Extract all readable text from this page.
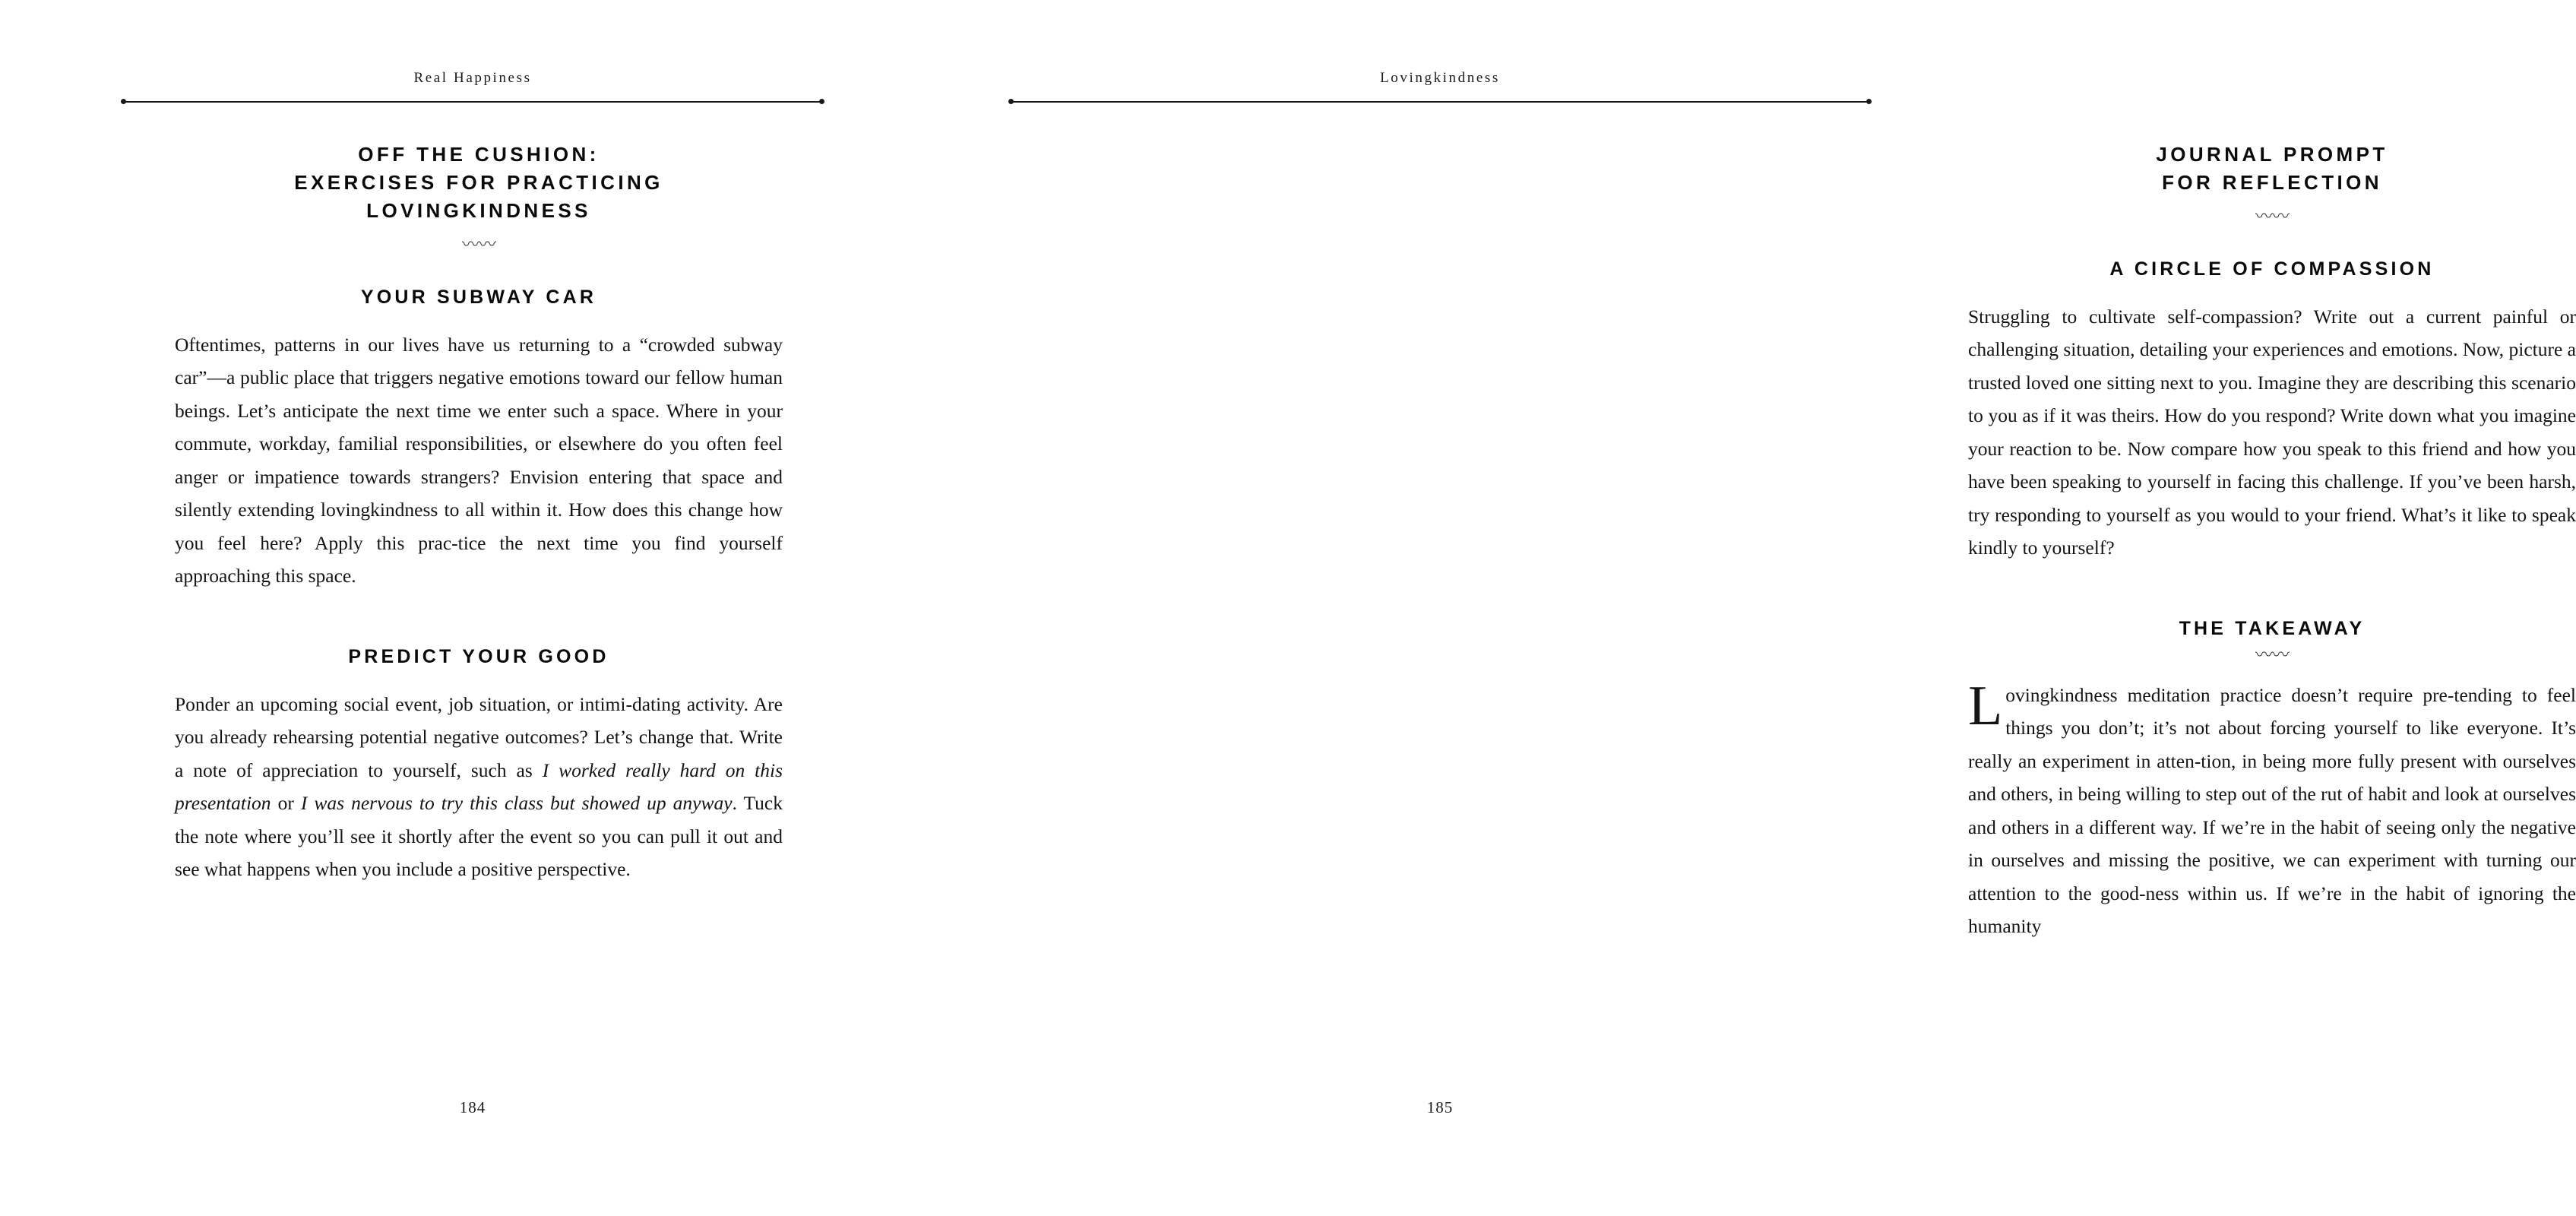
Real Happiness
OFF THE CUSHION:
EXERCISES FOR PRACTICING
LOVINGKINDNESS
〰〰
YOUR SUBWAY CAR

Oftentimes, patterns in our lives have us returning to a “crowded subway car”—a public place that triggers negative emotions toward our fellow human beings. Let’s anticipate the next time we enter such a space. Where in your commute, workday, familial responsibilities, or elsewhere do you often feel anger or impatience towards strangers? Envision entering that space and silently extending lovingkindness to all within it. How does this change how you feel here? Apply this prac-tice the next time you find yourself approaching this space.

PREDICT YOUR GOOD

Ponder an upcoming social event, job situation, or intimi-dating activity. Are you already rehearsing potential negative outcomes? Let’s change that. Write a note of appreciation to yourself, such as I worked really hard on this presentation or I was nervous to try this class but showed up anyway. Tuck the note where you’ll see it shortly after the event so you can pull it out and see what happens when you include a positive perspective.

184
Lovingkindness
JOURNAL PROMPT
FOR REFLECTION
〰〰
A CIRCLE OF COMPASSION

Struggling to cultivate self-compassion? Write out a current painful or challenging situation, detailing your experiences and emotions. Now, picture a trusted loved one sitting next to you. Imagine they are describing this scenario to you as if it was theirs. How do you respond? Write down what you imagine your reaction to be. Now compare how you speak to this friend and how you have been speaking to yourself in facing this challenge. If you’ve been harsh, try responding to yourself as you would to your friend. What’s it like to speak kindly to yourself?

THE TAKEAWAY
〰〰

Lovingkindness meditation practice doesn’t require pre-tending to feel things you don’t; it’s not about forcing yourself to like everyone. It’s really an experiment in atten-tion, in being more fully present with ourselves and others, in being willing to step out of the rut of habit and look at ourselves and others in a different way. If we’re in the habit of seeing only the negative in ourselves and missing the positive, we can experiment with turning our attention to the good-ness within us. If we’re in the habit of ignoring the humanity

185
